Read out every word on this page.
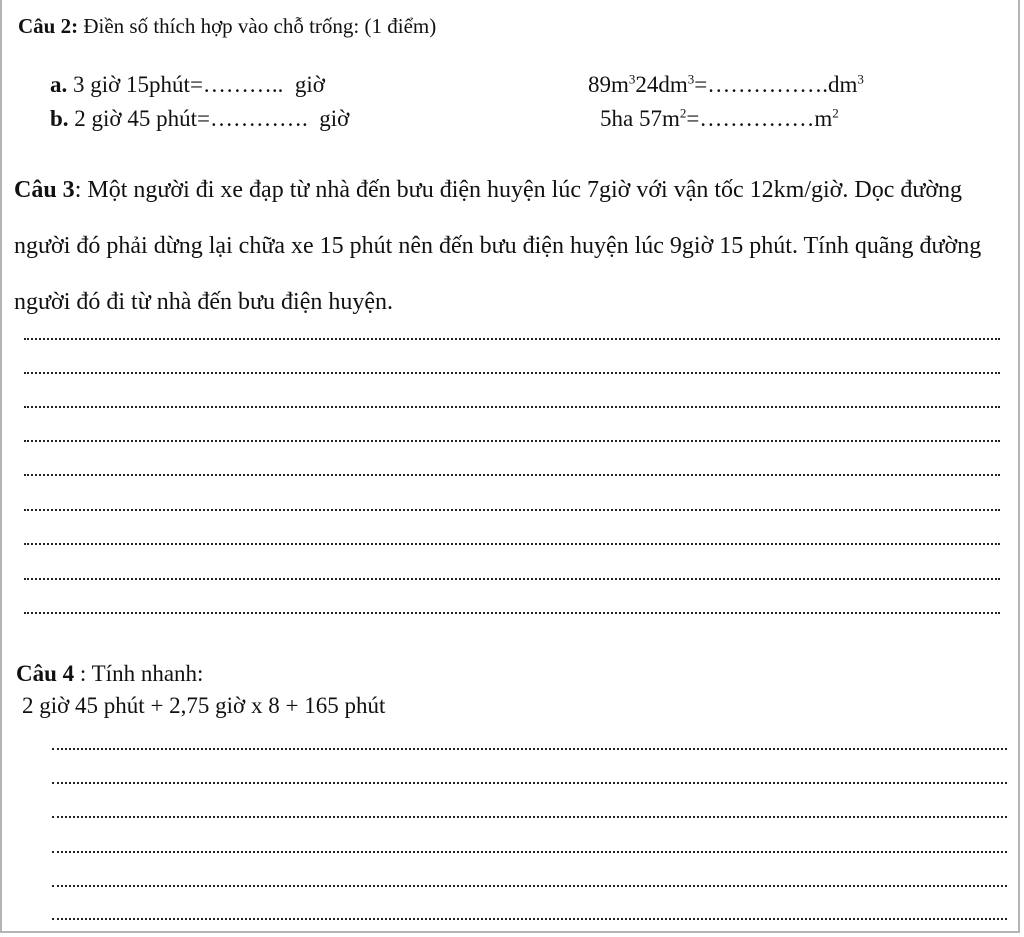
Câu 2: Điền số thích hợp vào chỗ trống: (1 điểm)
a. 3 giờ 15phút=………..  giờ	$89m^324dm^3=\dots\dots\dots\dots\dots.dm^3$
b. 2 giờ 45 phút=………….  giờ	5ha $57m^2=\dots\dots\dots\dots\dots m^2$
Câu 3: Một người đi xe đạp từ nhà đến bưu điện huyện lúc 7giờ với vận tốc 12km/giờ. Dọc đường người đó phải dừng lại chữa xe 15 phút nên đến bưu điện huyện lúc 9giờ 15 phút. Tính quãng đường người đó đi từ nhà đến bưu điện huyện.
Câu 4 : Tính nhanh:
2 giờ 45 phút + 2,75 giờ x 8 + 165 phút
